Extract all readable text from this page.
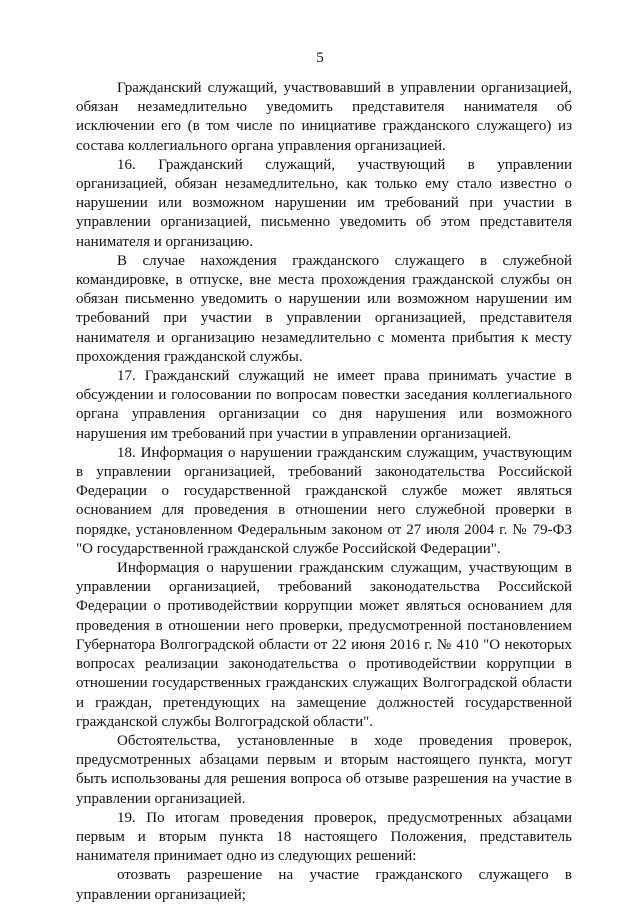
5

Гражданский служащий, участвовавший в управлении организацией, обязан незамедлительно уведомить представителя нанимателя об исключении его (в том числе по инициативе гражданского служащего) из состава коллегиального органа управления организацией.

16. Гражданский служащий, участвующий в управлении организацией, обязан незамедлительно, как только ему стало известно о нарушении или возможном нарушении им требований при участии в управлении организацией, письменно уведомить об этом представителя нанимателя и организацию.

В случае нахождения гражданского служащего в служебной командировке, в отпуске, вне места прохождения гражданской службы он обязан письменно уведомить о нарушении или возможном нарушении им требований при участии в управлении организацией, представителя нанимателя и организацию незамедлительно с момента прибытия к месту прохождения гражданской службы.

17. Гражданский служащий не имеет права принимать участие в обсуждении и голосовании по вопросам повестки заседания коллегиального органа управления организации со дня нарушения или возможного нарушения им требований при участии в управлении организацией.

18. Информация о нарушении гражданским служащим, участвующим в управлении организацией, требований законодательства Российской Федерации о государственной гражданской службе может являться основанием для проведения в отношении него служебной проверки в порядке, установленном Федеральным законом от 27 июля 2004 г. № 79-ФЗ "О государственной гражданской службе Российской Федерации".

Информация о нарушении гражданским служащим, участвующим в управлении организацией, требований законодательства Российской Федерации о противодействии коррупции может являться основанием для проведения в отношении него проверки, предусмотренной постановлением Губернатора Волгоградской области от 22 июня 2016 г. № 410 "О некоторых вопросах реализации законодательства о противодействии коррупции в отношении государственных гражданских служащих Волгоградской области и граждан, претендующих на замещение должностей государственной гражданской службы Волгоградской области".

Обстоятельства, установленные в ходе проведения проверок, предусмотренных абзацами первым и вторым настоящего пункта, могут быть использованы для решения вопроса об отзыве разрешения на участие в управлении организацией.

19. По итогам проведения проверок, предусмотренных абзацами первым и вторым пункта 18 настоящего Положения, представитель нанимателя принимает одно из следующих решений:

отозвать разрешение на участие гражданского служащего в управлении организацией;
